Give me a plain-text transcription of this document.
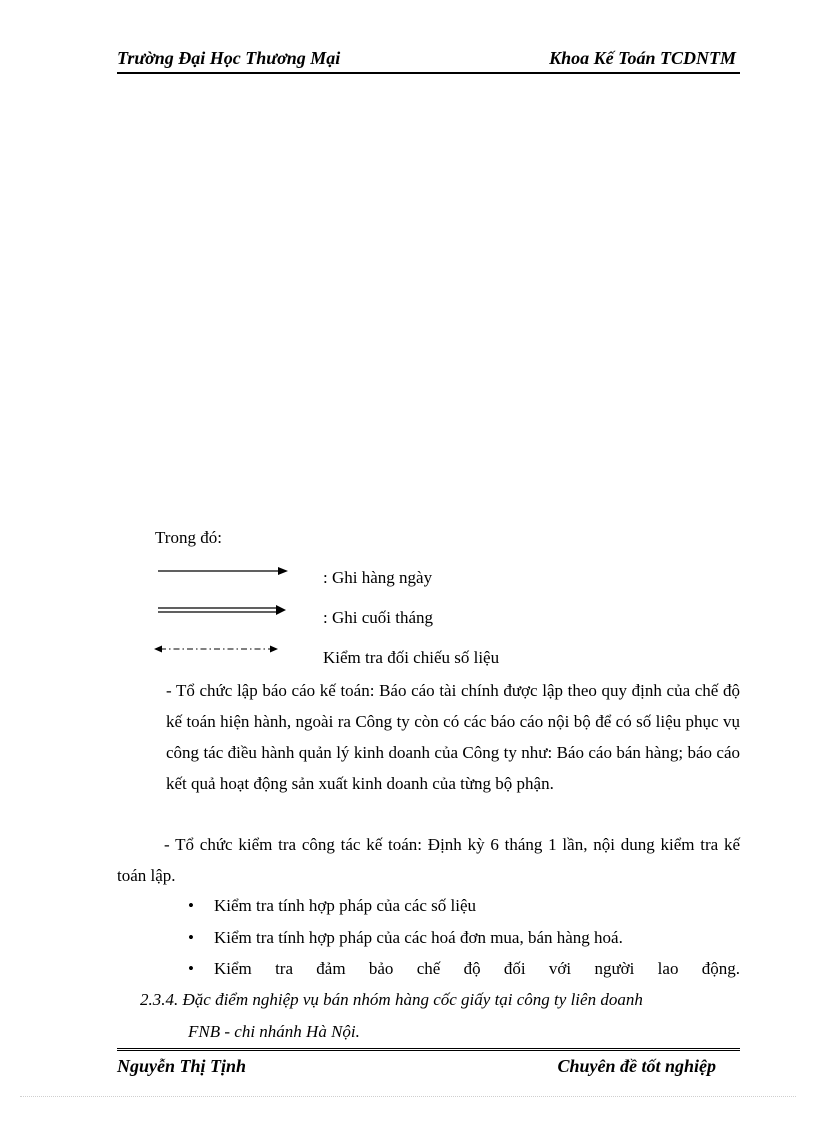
Trường Đại Học Thương Mại	Khoa Kế Toán TCDNTM
Trong đó:
: Ghi hàng ngày
: Ghi cuối tháng
Kiểm tra đối chiếu số liệu
- Tổ chức lập báo cáo kế toán: Báo cáo tài chính được lập theo quy định của chế độ kế toán hiện hành, ngoài ra Công ty còn có các báo cáo nội bộ để có số liệu phục vụ công tác điều hành quản lý kinh doanh của Công ty như: Báo cáo bán hàng; báo cáo kết quả hoạt động sản xuất kinh doanh của từng bộ phận.
- Tổ chức kiểm tra công tác kế toán: Định kỳ 6 tháng 1 lần, nội dung kiểm tra kế toán lập.
• Kiểm tra tính hợp pháp của các số liệu
• Kiểm tra tính hợp pháp của các hoá đơn mua, bán hàng hoá.
• Kiểm tra đảm bảo chế độ đối với người lao động.
2.3.4. Đặc điểm nghiệp vụ bán nhóm hàng cốc giấy tại công ty liên doanh
FNB - chi nhánh Hà Nội.
Nguyễn Thị Tịnh	Chuyên đề tốt nghiệp
